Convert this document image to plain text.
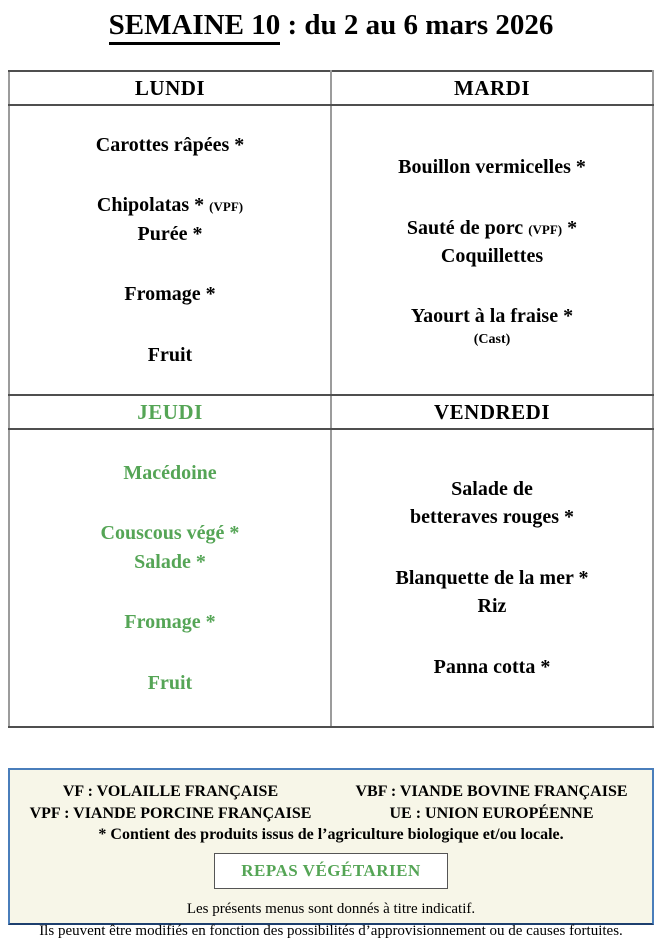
SEMAINE 10 : du 2 au 6 mars 2026
LUNDI	MARDI

Carottes râpées *
Chipolatas * (VPF)
Purée *
Fromage *
Fruit

Bouillon vermicelles *
Sauté de porc (VPF) *
Coquillettes
Yaourt à la fraise *
(Cast)

JEUDI	VENDREDI

Macédoine
Couscous végé *
Salade *
Fromage *
Fruit

Salade de
betteraves rouges *
Blanquette de la mer *
Riz
Panna cotta *
VF : VOLAILLE FRANÇAISE	VBF : VIANDE BOVINE FRANÇAISE
VPF : VIANDE PORCINE FRANÇAISE	UE : UNION EUROPÉENNE
* Contient des produits issus de l’agriculture biologique et/ou locale.
REPAS VÉGÉTARIEN
Les présents menus sont donnés à titre indicatif.
Ils peuvent être modifiés en fonction des possibilités d’approvisionnement ou de causes fortuites.
